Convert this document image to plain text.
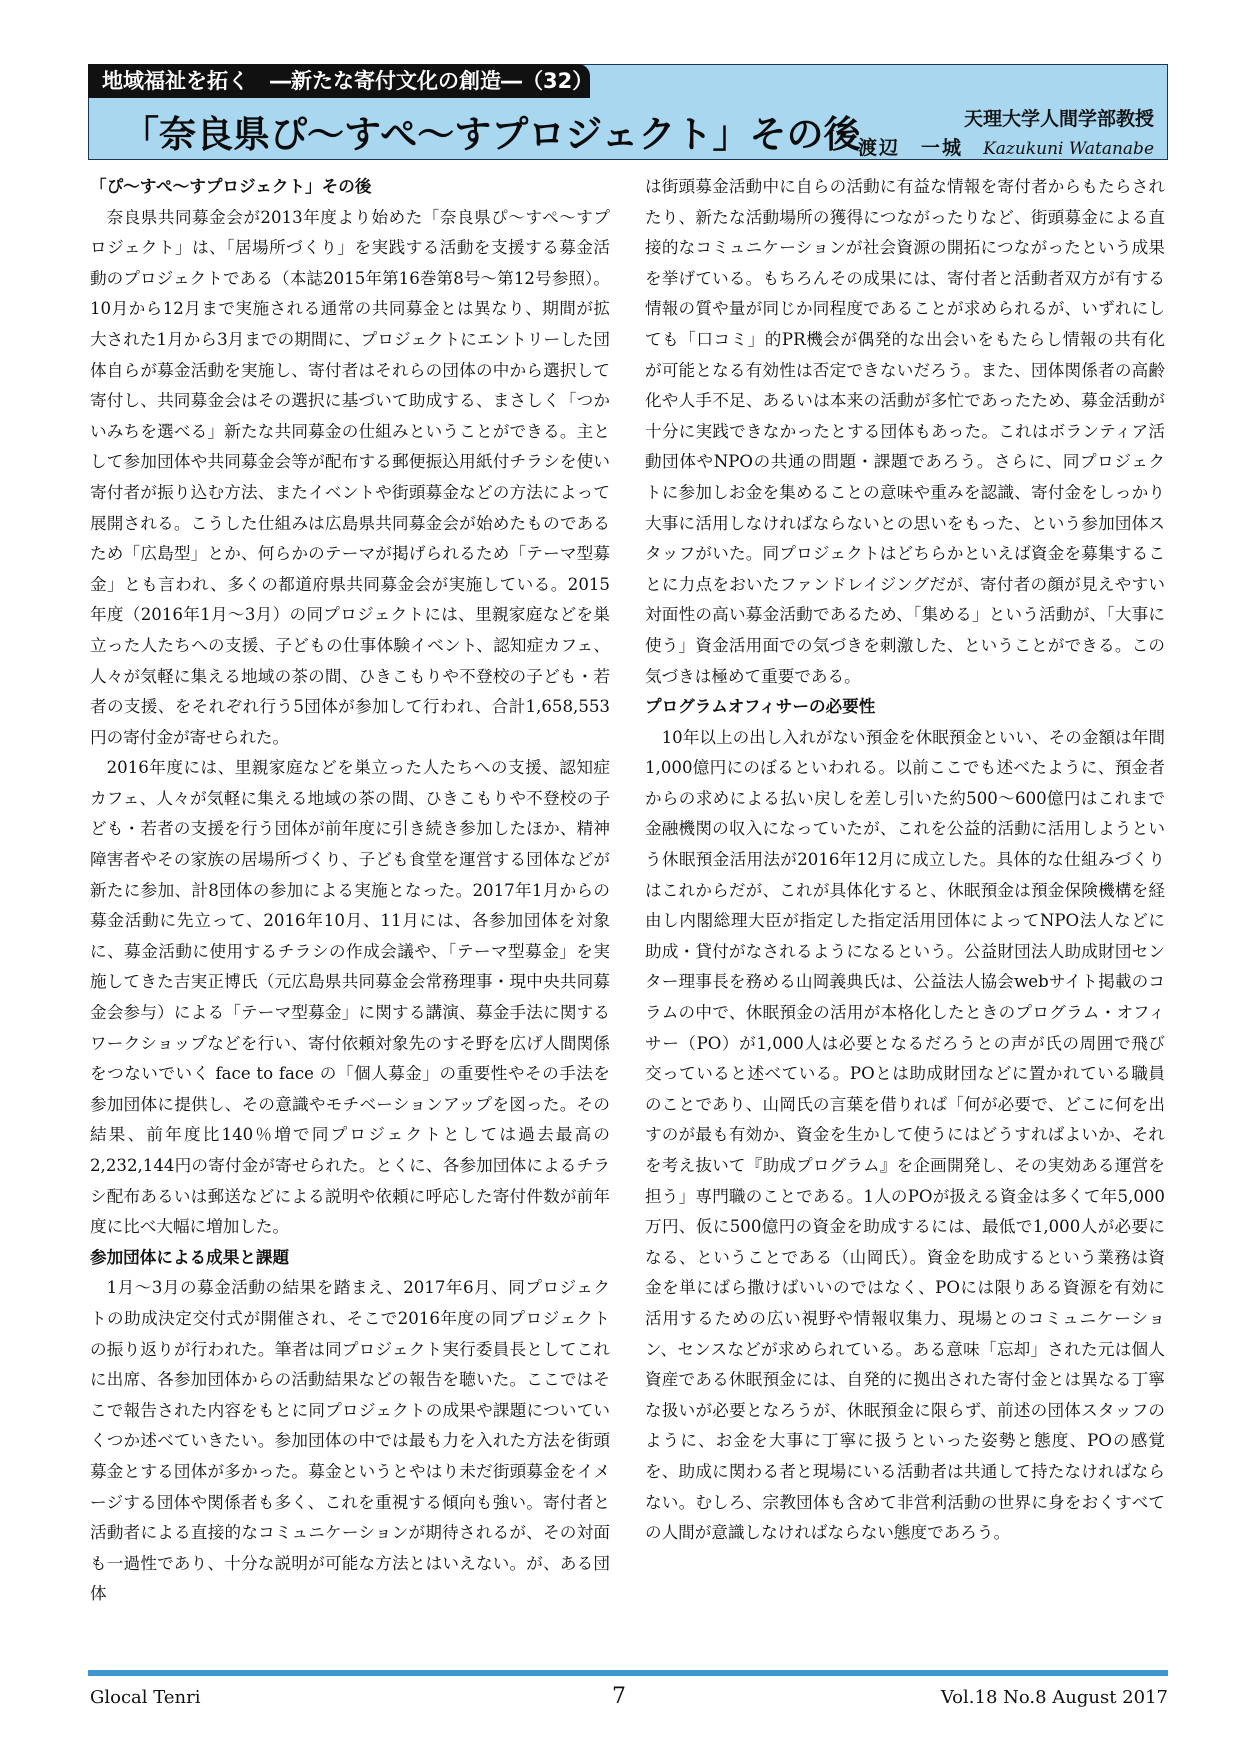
地域福祉を拓く　―新たな寄付文化の創造―（32）
「奈良県ぴ～すぺ～すプロジェクト」その後	天理大学人間学部教授
渡辺　一城 Kazukuni Watanabe
「ぴ～すぺ～すプロジェクト」その後

奈良県共同募金会が2013年度より始めた「奈良県ぴ～すぺ～すプロジェクト」は、「居場所づくり」を実践する活動を支援する募金活動のプロジェクトである（本誌2015年第16巻第8号～第12号参照）。10月から12月まで実施される通常の共同募金とは異なり、期間が拡大された1月から3月までの期間に、プロジェクトにエントリーした団体自らが募金活動を実施し、寄付者はそれらの団体の中から選択して寄付し、共同募金会はその選択に基づいて助成する、まさしく「つかいみちを選べる」新たな共同募金の仕組みということができる。主として参加団体や共同募金会等が配布する郵便振込用紙付チラシを使い寄付者が振り込む方法、またイベントや街頭募金などの方法によって展開される。こうした仕組みは広島県共同募金会が始めたものであるため「広島型」とか、何らかのテーマが掲げられるため「テーマ型募金」とも言われ、多くの都道府県共同募金会が実施している。2015年度（2016年1月～3月）の同プロジェクトには、里親家庭などを巣立った人たちへの支援、子どもの仕事体験イベント、認知症カフェ、人々が気軽に集える地域の茶の間、ひきこもりや不登校の子ども・若者の支援、をそれぞれ行う5団体が参加して行われ、合計1,658,553円の寄付金が寄せられた。

2016年度には、里親家庭などを巣立った人たちへの支援、認知症カフェ、人々が気軽に集える地域の茶の間、ひきこもりや不登校の子ども・若者の支援を行う団体が前年度に引き続き参加したほか、精神障害者やその家族の居場所づくり、子ども食堂を運営する団体などが新たに参加、計8団体の参加による実施となった。2017年1月からの募金活動に先立って、2016年10月、11月には、各参加団体を対象に、募金活動に使用するチラシの作成会議や、「テーマ型募金」を実施してきた吉実正博氏（元広島県共同募金会常務理事・現中央共同募金会参与）による「テーマ型募金」に関する講演、募金手法に関するワークショップなどを行い、寄付依頼対象先のすそ野を広げ人間関係をつないでいく face to face の「個人募金」の重要性やその手法を参加団体に提供し、その意識やモチベーションアップを図った。その結果、前年度比140％増で同プロジェクトとしては過去最高の2,232,144円の寄付金が寄せられた。とくに、各参加団体によるチラシ配布あるいは郵送などによる説明や依頼に呼応した寄付件数が前年度に比べ大幅に増加した。

参加団体による成果と課題

1月～3月の募金活動の結果を踏まえ、2017年6月、同プロジェクトの助成決定交付式が開催され、そこで2016年度の同プロジェクトの振り返りが行われた。筆者は同プロジェクト実行委員長としてこれに出席、各参加団体からの活動結果などの報告を聴いた。ここではそこで報告された内容をもとに同プロジェクトの成果や課題についていくつか述べていきたい。参加団体の中では最も力を入れた方法を街頭募金とする団体が多かった。募金というとやはり未だ街頭募金をイメージする団体や関係者も多く、これを重視する傾向も強い。寄付者と活動者による直接的なコミュニケーションが期待されるが、その対面も一過性であり、十分な説明が可能な方法とはいえない。が、ある団体

は街頭募金活動中に自らの活動に有益な情報を寄付者からもたらされたり、新たな活動場所の獲得につながったりなど、街頭募金による直接的なコミュニケーションが社会資源の開拓につながったという成果を挙げている。もちろんその成果には、寄付者と活動者双方が有する情報の質や量が同じか同程度であることが求められるが、いずれにしても「口コミ」的PR機会が偶発的な出会いをもたらし情報の共有化が可能となる有効性は否定できないだろう。また、団体関係者の高齢化や人手不足、あるいは本来の活動が多忙であったため、募金活動が十分に実践できなかったとする団体もあった。これはボランティア活動団体やNPOの共通の問題・課題であろう。さらに、同プロジェクトに参加しお金を集めることの意味や重みを認識、寄付金をしっかり大事に活用しなければならないとの思いをもった、という参加団体スタッフがいた。同プロジェクトはどちらかといえば資金を募集することに力点をおいたファンドレイジングだが、寄付者の顔が見えやすい対面性の高い募金活動であるため、「集める」という活動が、「大事に使う」資金活用面での気づきを刺激した、ということができる。この気づきは極めて重要である。

プログラムオフィサーの必要性

10年以上の出し入れがない預金を休眠預金といい、その金額は年間1,000億円にのぼるといわれる。以前ここでも述べたように、預金者からの求めによる払い戻しを差し引いた約500～600億円はこれまで金融機関の収入になっていたが、これを公益的活動に活用しようという休眠預金活用法が2016年12月に成立した。具体的な仕組みづくりはこれからだが、これが具体化すると、休眠預金は預金保険機構を経由し内閣総理大臣が指定した指定活用団体によってNPO法人などに助成・貸付がなされるようになるという。公益財団法人助成財団センター理事長を務める山岡義典氏は、公益法人協会webサイト掲載のコラムの中で、休眠預金の活用が本格化したときのプログラム・オフィサー（PO）が1,000人は必要となるだろうとの声が氏の周囲で飛び交っていると述べている。POとは助成財団などに置かれている職員のことであり、山岡氏の言葉を借りれば「何が必要で、どこに何を出すのが最も有効か、資金を生かして使うにはどうすればよいか、それを考え抜いて『助成プログラム』を企画開発し、その実効ある運営を担う」専門職のことである。1人のPOが扱える資金は多くて年5,000万円、仮に500億円の資金を助成するには、最低で1,000人が必要になる、ということである（山岡氏）。資金を助成するという業務は資金を単にばら撒けばいいのではなく、POには限りある資源を有効に活用するための広い視野や情報収集力、現場とのコミュニケーション、センスなどが求められている。ある意味「忘却」された元は個人資産である休眠預金には、自発的に拠出された寄付金とは異なる丁寧な扱いが必要となろうが、休眠預金に限らず、前述の団体スタッフのように、お金を大事に丁寧に扱うといった姿勢と態度、POの感覚を、助成に関わる者と現場にいる活動者は共通して持たなければならない。むしろ、宗教団体も含めて非営利活動の世界に身をおくすべての人間が意識しなければならない態度であろう。

Glocal Tenri	7	Vol.18 No.8 August 2017
